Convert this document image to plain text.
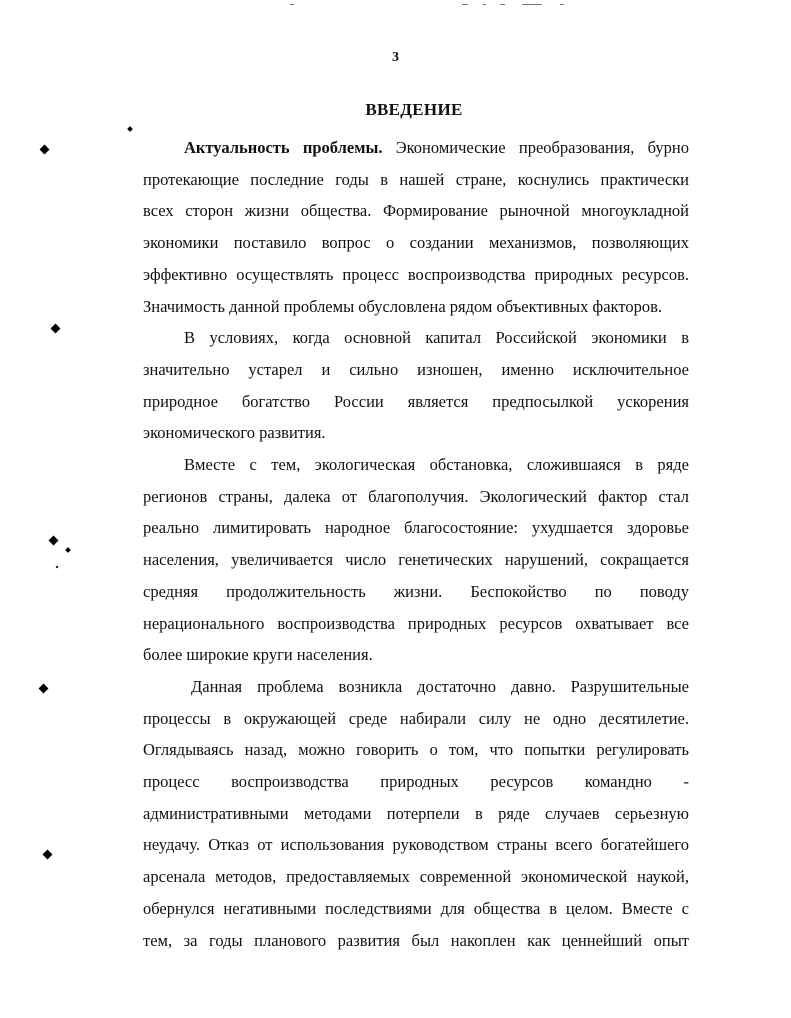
3
ВВЕДЕНИЕ
Актуальность проблемы. Экономические преобразования, бурно
протекающие последние годы в нашей стране, коснулись практически
всех сторон жизни общества. Формирование рыночной многоукладной
экономики поставило вопрос о создании механизмов, позволяющих
эффективно осуществлять процесс воспроизводства природных ресурсов.
Значимость данной проблемы обусловлена рядом объективных факторов.
В условиях, когда основной капитал Российской экономики в
значительно устарел и сильно изношен, именно исключительное
природное богатство России является предпосылкой ускорения
экономического развития.
Вместе с тем, экологическая обстановка, сложившаяся в ряде
регионов страны, далека от благополучия. Экологический фактор стал
реально лимитировать народное благосостояние: ухудшается здоровье
населения, увеличивается число генетических нарушений, сокращается
средняя продолжительность жизни. Беспокойство по поводу
нерационального воспроизводства природных ресурсов охватывает все
более широкие круги населения.
Данная проблема возникла достаточно давно. Разрушительные
процессы в окружающей среде набирали силу не одно десятилетие.
Оглядываясь назад, можно говорить о том, что попытки регулировать
процесс воспроизводства природных ресурсов командно -
административными методами потерпели в ряде случаев серьезную
неудачу. Отказ от использования руководством страны всего богатейшего
арсенала методов, предоставляемых современной экономической наукой,
обернулся негативными последствиями для общества в целом. Вместе с
тем, за годы планового развития был накоплен как ценнейший опыт
